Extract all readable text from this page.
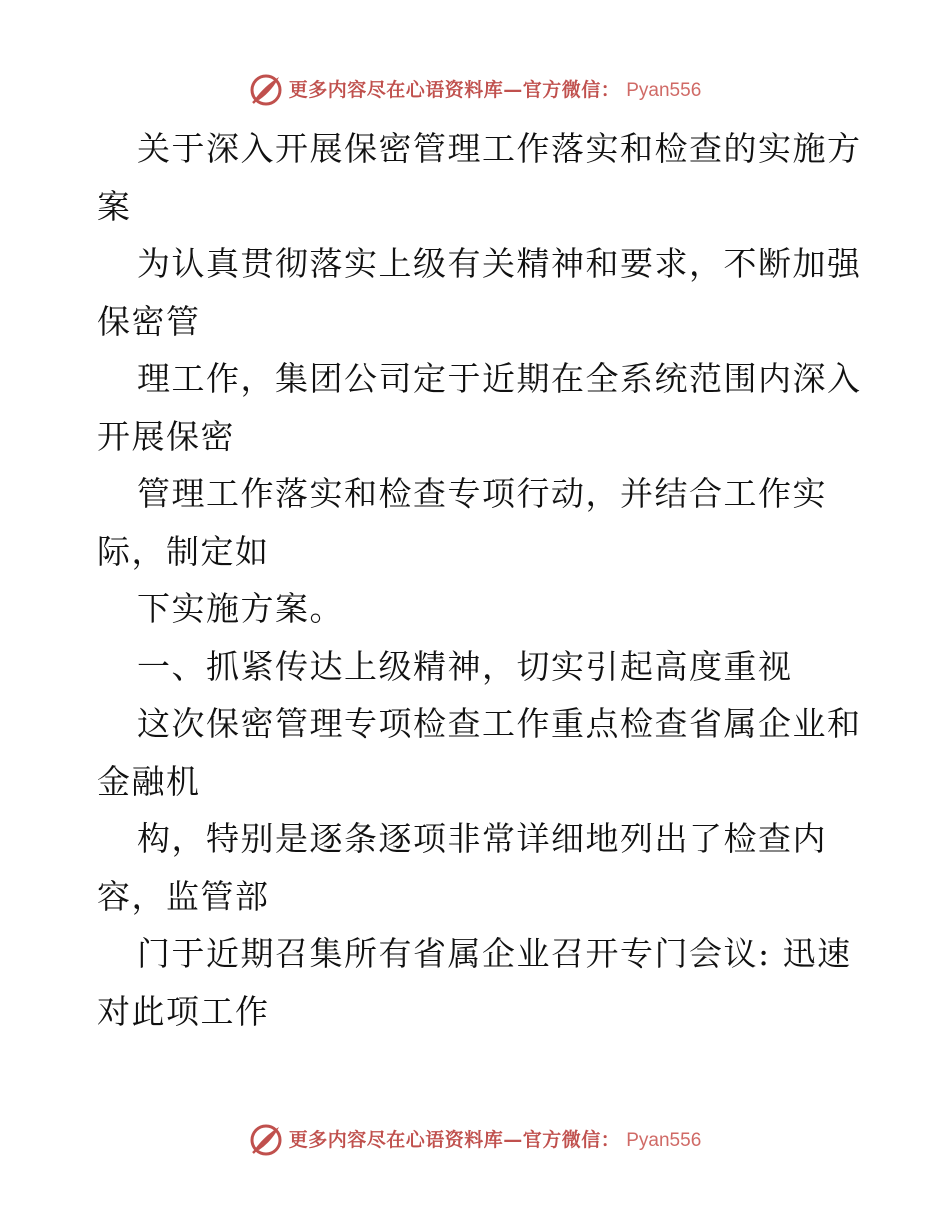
更多内容尽在心语资料库—官方微信： Pyan556
关于深入开展保密管理工作落实和检查的实施方
案
为认真贯彻落实上级有关精神和要求，不断加强
保密管
理工作，集团公司定于近期在全系统范围内深入
开展保密
管理工作落实和检查专项行动，并结合工作实
际，制定如
下实施方案。
一、抓紧传达上级精神，切实引起高度重视
这次保密管理专项检查工作重点检查省属企业和
金融机
构，特别是逐条逐项非常详细地列出了检查内
容，监管部
门于近期召集所有省属企业召开专门会议: 迅速
对此项工作
更多内容尽在心语资料库—官方微信： Pyan556
